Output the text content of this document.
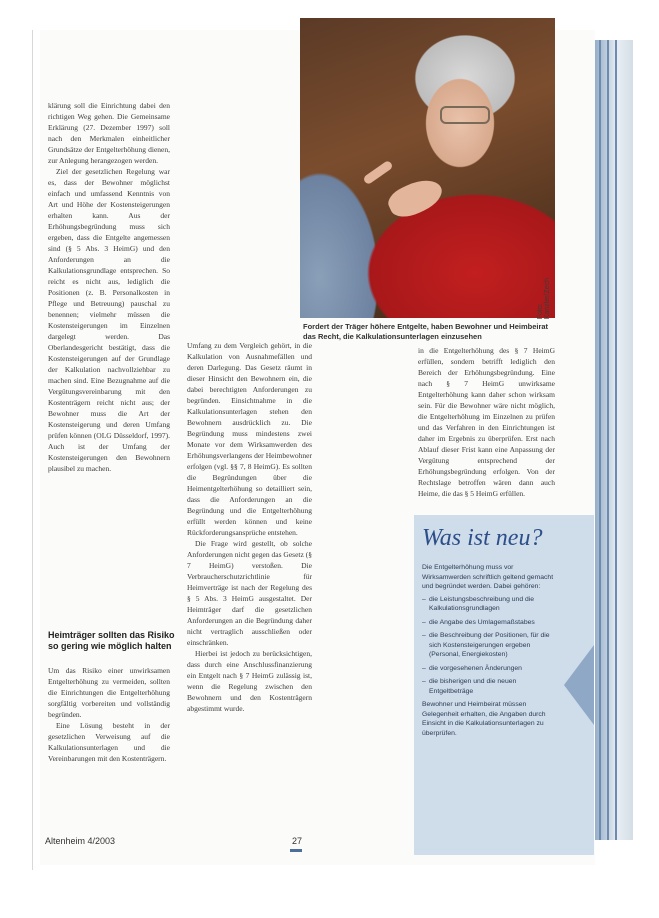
Foto: Kanzler/Zech
Fordert der Träger höhere Entgelte, haben Bewohner und Heimbeirat das Recht, die Kalkulationsunterlagen einzusehen

klärung soll die Einrichtung dabei den richtigen Weg gehen. Die Gemeinsame Erklärung (27. Dezember 1997) soll nach den Merkmalen einheitlicher Grundsätze der Entgelterhöhung dienen, zur Anlegung herangezogen werden.

Ziel der gesetzlichen Regelung war es, dass der Bewohner möglichst einfach und umfassend Kenntnis von Art und Höhe der Kostensteigerungen erhalten kann. Aus der Erhöhungsbegründung muss sich ergeben, dass die Entgelte angemessen sind (§ 5 Abs. 3 HeimG) und den Anforderungen an die Kalkulationsgrundlage entsprechen. So reicht es nicht aus, lediglich die Positionen (z. B. Personalkosten in Pflege und Betreuung) pauschal zu benennen; vielmehr müssen die Kostensteigerungen im Einzelnen dargelegt werden. Das Oberlandesgericht bestätigt, dass die Kostensteigerungen auf der Grundlage der Kalkulation nachvollziehbar zu machen sind. Eine Bezugnahme auf die Vergütungsvereinbarung mit den Kostenträgern reicht nicht aus; der Bewohner muss die Art der Kostensteigerung und deren Umfang prüfen können (OLG Düsseldorf, 1997). Auch ist der Umfang der Kostensteigerungen den Bewohnern plausibel zu machen.

Heimträger sollten das Risiko so gering wie möglich halten

Um das Risiko einer unwirksamen Entgelterhöhung zu vermeiden, sollten die Einrichtungen die Entgelterhöhung sorgfältig vorbereiten und vollständig begründen.

Eine Lösung besteht in der gesetzlichen Verweisung auf die Kalkulationsunterlagen und die Vereinbarungen mit den Kostenträgern.

Umfang zu dem Vergleich gehört, in die Kalkulation von Ausnahmefällen und deren Darlegung. Das Gesetz räumt in dieser Hinsicht den Bewohnern ein, die dabei berechtigten Anforderungen zu begründen. Einsichtnahme in die Kalkulationsunterlagen stehen den Bewohnern ausdrücklich zu. Die Begründung muss mindestens zwei Monate vor dem Wirksamwerden des Erhöhungsverlangens der Heimbewohner erfolgen (vgl. §§ 7, 8 HeimG). Es sollten die Begründungen über die Heimentgelterhöhung so detailliert sein, dass die Anforderungen an die Begründung und die Entgelterhöhung erfüllt werden können und keine Rückforderungsansprüche entstehen.

Die Frage wird gestellt, ob solche Anforderungen nicht gegen das Gesetz (§ 7 HeimG) verstoßen. Die Verbraucherschutzrichtlinie für Heimverträge ist nach der Regelung des § 5 Abs. 3 HeimG ausgestaltet. Der Heimträger darf die gesetzlichen Anforderungen an die Begründung daher nicht vertraglich ausschließen oder einschränken.

Hierbei ist jedoch zu berücksichtigen, dass durch eine Anschlussfinanzierung ein Entgelt nach § 7 HeimG zulässig ist, wenn die Regelung zwischen den Bewohnern und den Kostenträgern abgestimmt wurde.

in die Entgelterhöhung des § 7 HeimG erfüllen, sondern betrifft lediglich den Bereich der Erhöhungsbegründung. Eine nach § 7 HeimG unwirksame Entgelterhöhung kann daher schon wirksam sein. Für die Bewohner wäre nicht möglich, die Entgelterhöhung im Einzelnen zu prüfen und das Verfahren in den Einrichtungen ist daher im Ergebnis zu überprüfen. Erst nach Ablauf dieser Frist kann eine Anpassung der Vergütung entsprechend der Erhöhungsbegründung erfolgen. Von der Rechtslage betroffen wären dann auch Heime, die das § 5 HeimG erfüllen.

Was ist neu?
Die Entgelterhöhung muss vor Wirksamwerden schriftlich geltend gemacht und begründet werden. Dabei gehören:
– die Leistungsbeschreibung und die Kalkulationsgrundlagen
– die Angabe des Umlagemaßstabes
– die Beschreibung der Positionen, für die sich Kostensteigerungen ergeben (Personal, Energiekosten)
– die vorgesehenen Änderungen
– die bisherigen und die neuen Entgeltbeträge
Bewohner und Heimbeirat müssen Gelegenheit erhalten, die Angaben durch Einsicht in die Kalkulationsunterlagen zu überprüfen.
Altenheim 4/2003	27
